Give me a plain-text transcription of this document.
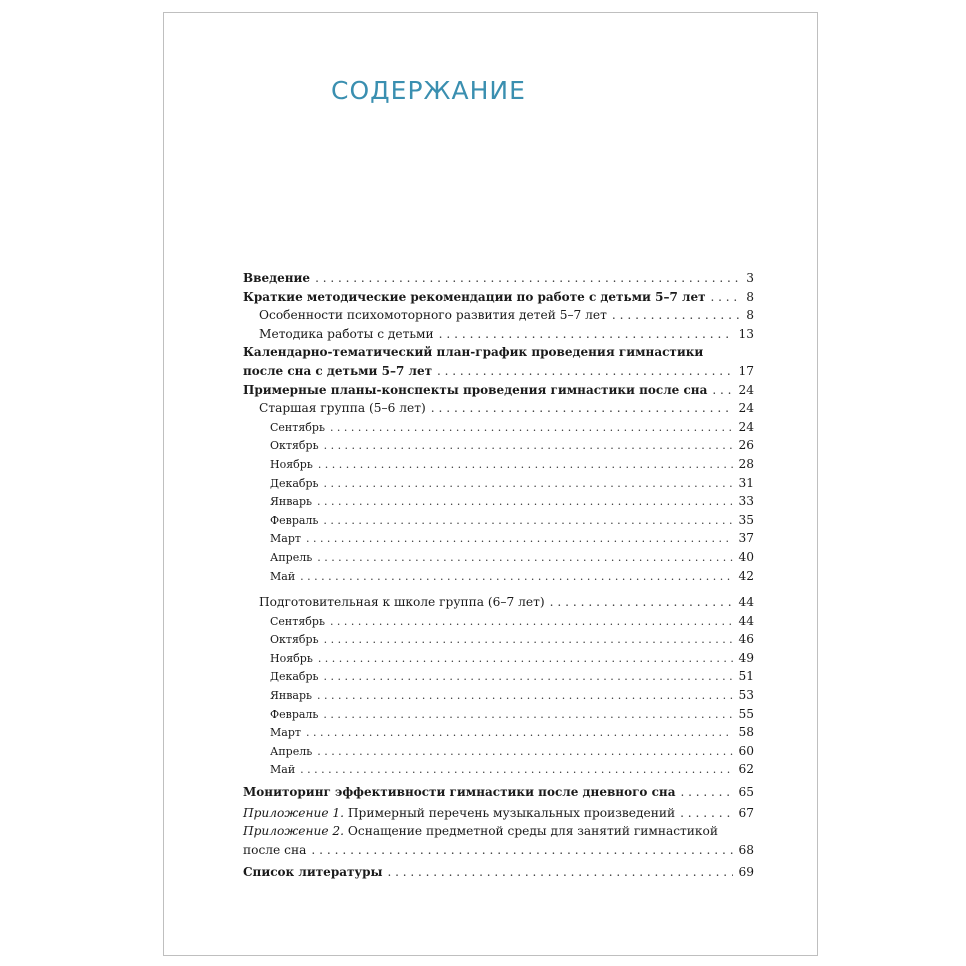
СОДЕРЖАНИЕ
Введение . . .	3
Краткие методические рекомендации по работе с детьми 5–7 лет . . .	8
Особенности психомоторного развития детей 5–7 лет . . .	8
Методика работы с детьми . . .	13
Календарно-тематический план-график проведения гимнастики
после сна с детьми 5–7 лет . . .	17
Примерные планы-конспекты проведения гимнастики после сна . . .	24
Старшая группа (5–6 лет) . . .	24
Сентябрь . . .	24
Октябрь . . .	26
Ноябрь . . .	28
Декабрь . . .	31
Январь . . .	33
Февраль . . .	35
Март . . .	37
Апрель . . .	40
Май . . .	42
Подготовительная к школе группа (6–7 лет) . . .	44
Сентябрь . . .	44
Октябрь . . .	46
Ноябрь . . .	49
Декабрь . . .	51
Январь . . .	53
Февраль . . .	55
Март . . .	58
Апрель . . .	60
Май . . .	62
Мониторинг эффективности гимнастики после дневного сна . . .	65
Приложение 1. Примерный перечень музыкальных произведений . . .	67
Приложение 2. Оснащение предметной среды для занятий гимнастикой
после сна . . .	68
Список литературы . . .	69
